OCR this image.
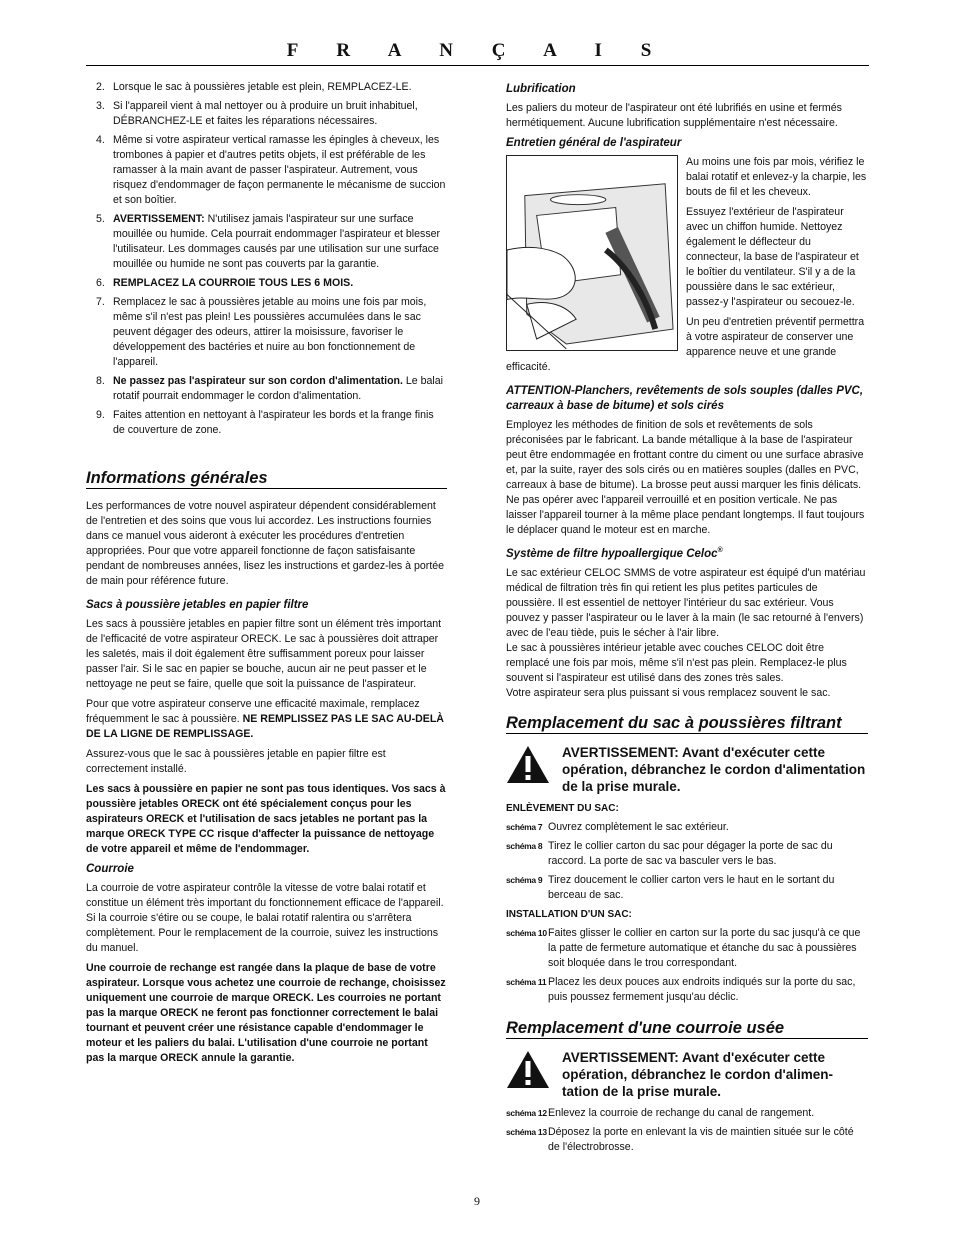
F R A N Ç A I S
2. Lorsque le sac à poussières jetable est plein, REMPLACEZ-LE.
3. Si l'appareil vient à mal nettoyer ou à produire un bruit inhabituel, DÉBRANCHEZ-LE et faites les réparations nécessaires.
4. Même si votre aspirateur vertical ramasse les épingles à cheveux, les trombones à papier et d'autres petits objets, il est préférable de les ramasser à la main avant de passer l'aspirateur. Autrement, vous risquez d'endommager de façon permanente le mécanisme de succion et son boîtier.
5. AVERTISSEMENT: N'utilisez jamais l'aspirateur sur une surface mouillée ou humide. Cela pourrait endommager l'aspirateur et blesser l'utilisateur. Les dommages causés par une utilisation sur une surface mouillée ou humide ne sont pas couverts par la garantie.
6. REMPLACEZ LA COURROIE TOUS LES 6 MOIS.
7. Remplacez le sac à poussières jetable au moins une fois par mois, même s'il n'est pas plein! Les poussières accumulées dans le sac peuvent dégager des odeurs, attirer la moisissure, favoriser le développement des bactéries et nuire au bon fonctionnement de l'appareil.
8. Ne passez pas l'aspirateur sur son cordon d'alimentation. Le balai rotatif pourrait endommager le cordon d'alimentation.
9. Faites attention en nettoyant à l'aspirateur les bords et la frange finis de couverture de zone.
Informations générales

Les performances de votre nouvel aspirateur dépendent considérablement de l'entretien et des soins que vous lui accordez. Les instructions fournies dans ce manuel vous aideront à exécuter les procédures d'entretien appropriées. Pour que votre appareil fonctionne de façon satisfaisante pendant de nombreuses années, lisez les instructions et gardez-les à portée de main pour référence future.

Sacs à poussière jetables en papier filtre

Les sacs à poussière jetables en papier filtre sont un élément très important de l'efficacité de votre aspirateur ORECK. Le sac à poussières doit attraper les saletés, mais il doit également être suffisamment poreux pour laisser passer l'air. Si le sac en papier se bouche, aucun air ne peut passer et le nettoyage ne peut se faire, quelle que soit la puissance de l'aspirateur.

Pour que votre aspirateur conserve une efficacité maximale, remplacez fréquemment le sac à poussière. NE REMPLISSEZ PAS LE SAC AU-DELÀ DE LA LIGNE DE REMPLISSAGE.

Assurez-vous que le sac à poussières jetable en papier filtre est correctement installé.

Les sacs à poussière en papier ne sont pas tous identiques. Vos sacs à poussière jetables ORECK ont été spécialement conçus pour les aspirateurs ORECK et l'utilisation de sacs jetables ne portant pas la marque ORECK TYPE CC risque d'affecter la puissance de nettoyage de votre appareil et même de l'endommager.

Courroie

La courroie de votre aspirateur contrôle la vitesse de votre balai rotatif et constitue un élément très important du fonctionnement efficace de l'appareil. Si la courroie s'étire ou se coupe, le balai rotatif ralentira ou s'arrêtera complètement. Pour le remplacement de la courroie, suivez les instructions du manuel.

Une courroie de rechange est rangée dans la plaque de base de votre aspirateur. Lorsque vous achetez une courroie de rechange, choisissez uniquement une courroie de marque ORECK. Les courroies ne portant pas la marque ORECK ne feront pas fonctionner correctement le balai tournant et peuvent créer une résistance capable d'endommager le moteur et les paliers du balai. L'utilisation d'une courroie ne portant pas la marque ORECK annule la garantie.

Lubrification

Les paliers du moteur de l'aspirateur ont été lubrifiés en usine et fermés hermétiquement. Aucune lubrification supplémentaire n'est nécessaire.

Entretien général de l'aspirateur

Au moins une fois par mois, vérifiez le balai rotatif et enlevez-y la charpie, les bouts de fil et les cheveux.

Essuyez l'extérieur de l'aspirateur avec un chiffon humide. Nettoyez également le déflecteur du connecteur, la base de l'aspirateur et le boîtier du ventilateur. S'il y a de la poussière dans le sac extérieur, passez-y l'aspirateur ou secouez-le.

Un peu d'entretien préventif permettra à votre aspirateur de conserver une apparence neuve et une grande efficacité.

ATTENTION-Planchers, revêtements de sols souples (dalles PVC, carreaux à base de bitume) et sols cirés

Employez les méthodes de finition de sols et revêtements de sols préconisées par le fabricant. La bande métallique à la base de l'aspirateur peut être endommagée en frottant contre du ciment ou une surface abrasive et, par la suite, rayer des sols cirés ou en matières souples (dalles en PVC, carreaux à base de bitume). La brosse peut aussi marquer les finis délicats. Ne pas opérer avec l'appareil verrouillé et en position verticale. Ne pas laisser l'appareil tourner à la même place pendant longtemps. Il faut toujours le déplacer quand le moteur est en marche.

Système de filtre hypoallergique Celoc®

Le sac extérieur CELOC SMMS de votre aspirateur est équipé d'un matériau médical de filtration très fin qui retient les plus petites particules de poussière. Il est essentiel de nettoyer l'intérieur du sac extérieur. Vous pouvez y passer l'aspirateur ou le laver à la main (le sac retourné à l'envers) avec de l'eau tiède, puis le sécher à l'air libre.

Le sac à poussières intérieur jetable avec couches CELOC doit être remplacé une fois par mois, même s'il n'est pas plein. Remplacez-le plus souvent si l'aspirateur est utilisé dans des zones très sales.

Votre aspirateur sera plus puissant si vous remplacez souvent le sac.

Remplacement du sac à poussières filtrant
AVERTISSEMENT: Avant d'exécuter cette opération, débranchez le cordon d'alimentation de la prise murale.
ENLÈVEMENT DU SAC:
schéma 7 Ouvrez complètement le sac extérieur.
schéma 8 Tirez le collier carton du sac pour dégager la porte de sac du raccord. La porte de sac va basculer vers le bas.
schéma 9 Tirez doucement le collier carton vers le haut en le sortant du berceau de sac.
INSTALLATION D'UN SAC:
schéma 10 Faites glisser le collier en carton sur la porte du sac jusqu'à ce que la patte de fermeture automatique et étanche du sac à poussières soit bloquée dans le trou correspondant.
schéma 11 Placez les deux pouces aux endroits indiqués sur la porte du sac, puis poussez fermement jusqu'au déclic.
Remplacement d'une courroie usée
AVERTISSEMENT: Avant d'exécuter cette opération, débranchez le cordon d'alimen- tation de la prise murale.
schéma 12 Enlevez la courroie de rechange du canal de rangement.
schéma 13 Déposez la porte en enlevant la vis de maintien située sur le côté de l'électrobrosse.
9
